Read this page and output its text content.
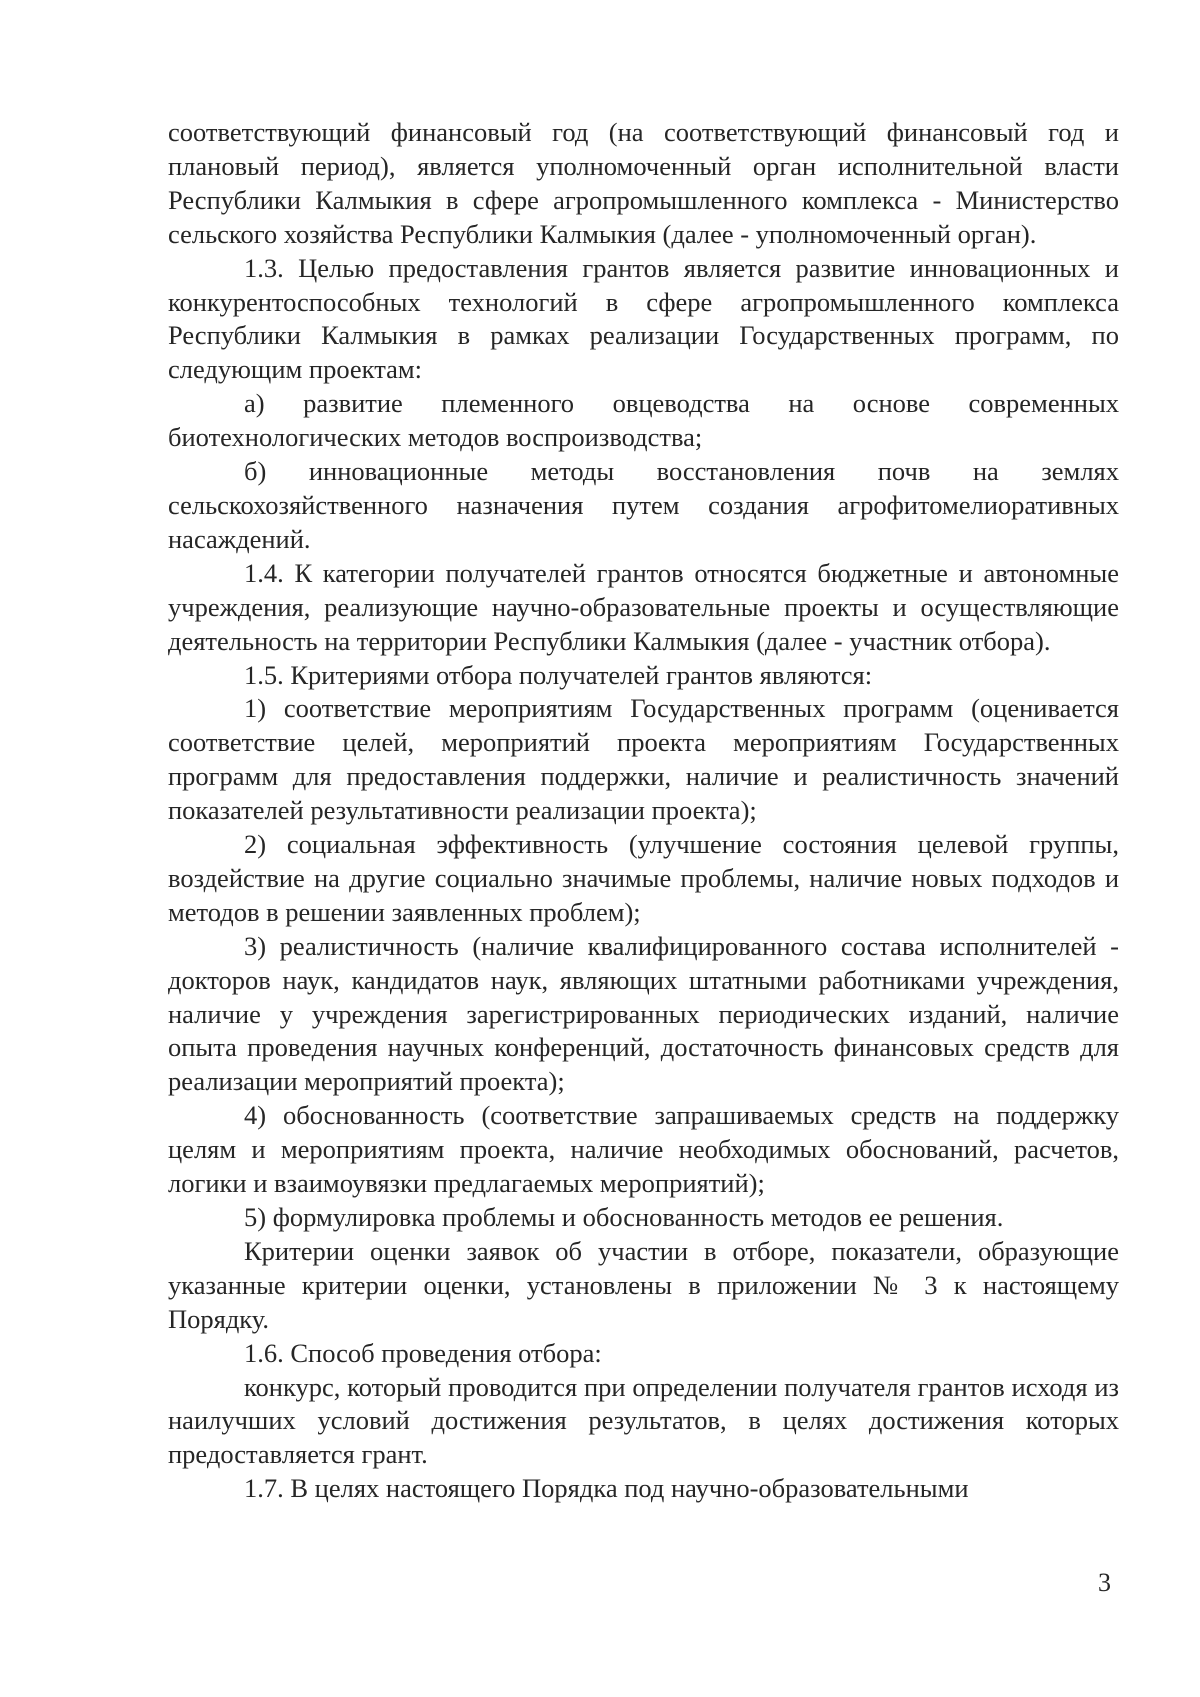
соответствующий финансовый год (на соответствующий финансовый год и плановый период), является уполномоченный орган исполнительной власти Республики Калмыкия в сфере агропромышленного комплекса - Министерство сельского хозяйства Республики Калмыкия (далее - уполномоченный орган).

1.3. Целью предоставления грантов является развитие инновационных и конкурентоспособных технологий в сфере агропромышленного комплекса Республики Калмыкия в рамках реализации Государственных программ, по следующим проектам:

а) развитие племенного овцеводства на основе современных биотехнологических методов воспроизводства;

б) инновационные методы восстановления почв на землях сельскохозяйственного назначения путем создания агрофитомелиоративных насаждений.

1.4. К категории получателей грантов относятся бюджетные и автономные учреждения, реализующие научно-образовательные проекты и осуществляющие деятельность на территории Республики Калмыкия (далее - участник отбора).

1.5. Критериями отбора получателей грантов являются:

1) соответствие мероприятиям Государственных программ (оценивается соответствие целей, мероприятий проекта мероприятиям Государственных программ для предоставления поддержки, наличие и реалистичность значений показателей результативности реализации проекта);

2) социальная эффективность (улучшение состояния целевой группы, воздействие на другие социально значимые проблемы, наличие новых подходов и методов в решении заявленных проблем);

3) реалистичность (наличие квалифицированного состава исполнителей - докторов наук, кандидатов наук, являющих штатными работниками учреждения, наличие у учреждения зарегистрированных периодических изданий, наличие опыта проведения научных конференций, достаточность финансовых средств для реализации мероприятий проекта);

4) обоснованность (соответствие запрашиваемых средств на поддержку целям и мероприятиям проекта, наличие необходимых обоснований, расчетов, логики и взаимоувязки предлагаемых мероприятий);

5) формулировка проблемы и обоснованность методов ее решения.

Критерии оценки заявок об участии в отборе, показатели, образующие указанные критерии оценки, установлены в приложении № 3 к настоящему Порядку.

1.6. Способ проведения отбора:

конкурс, который проводится при определении получателя грантов исходя из наилучших условий достижения результатов, в целях достижения которых предоставляется грант.

1.7. В целях настоящего Порядка под научно-образовательными

3
